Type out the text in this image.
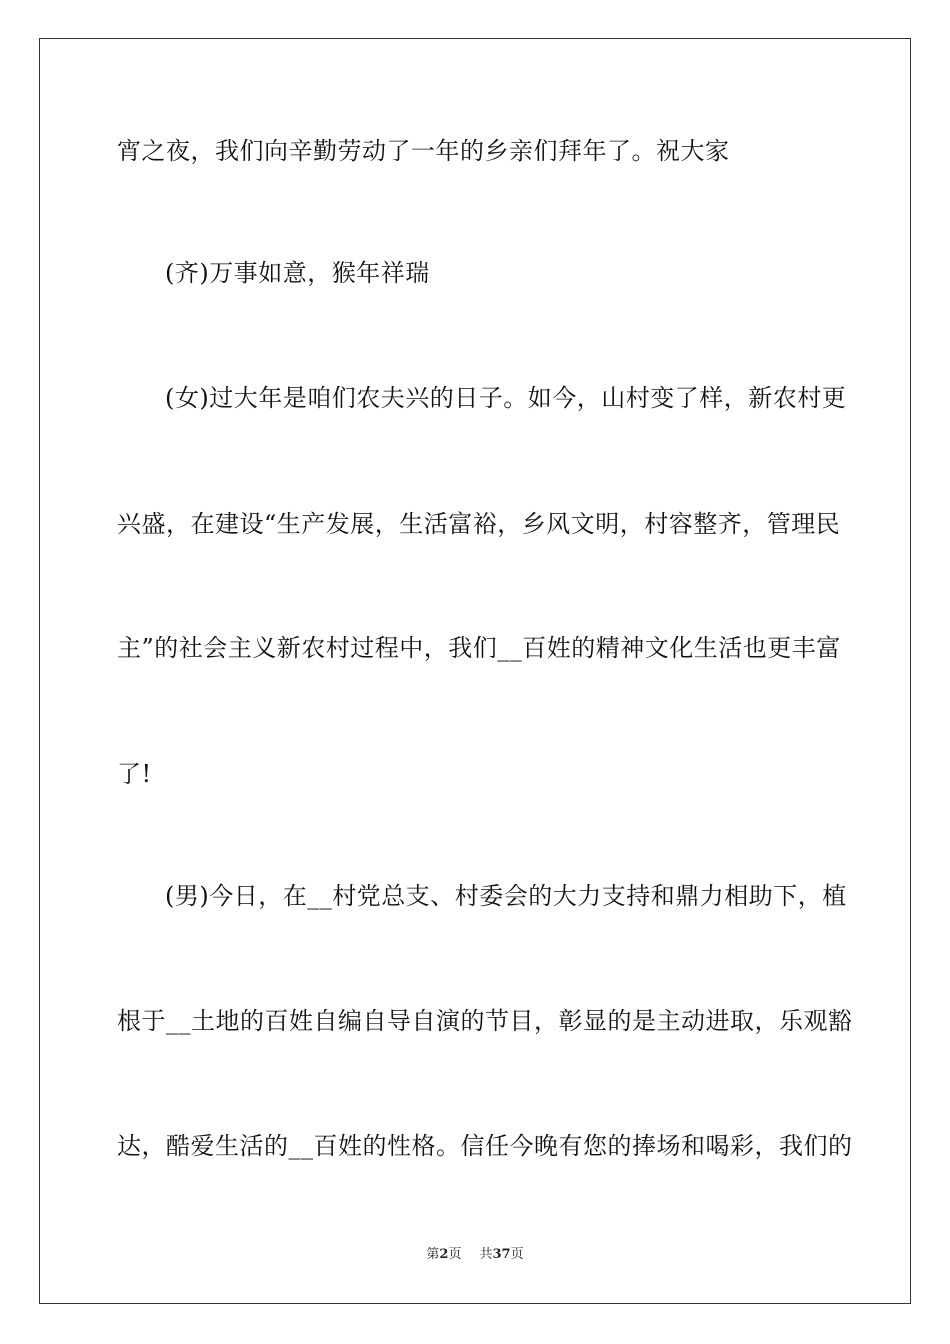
宵之夜，我们向辛勤劳动了一年的乡亲们拜年了。祝大家
(齐)万事如意，猴年祥瑞
(女)过大年是咱们农夫兴的日子。如今，山村变了样，新农村更
兴盛，在建设“生产发展，生活富裕，乡风文明，村容整齐，管理民
主”的社会主义新农村过程中，我们__百姓的精神文化生活也更丰富
了!
(男)今日，在__村党总支、村委会的大力支持和鼎力相助下，植
根于__土地的百姓自编自导自演的节目，彰显的是主动进取，乐观豁
达，酷爱生活的__百姓的性格。信任今晚有您的捧场和喝彩，我们的
第2页 共37页
